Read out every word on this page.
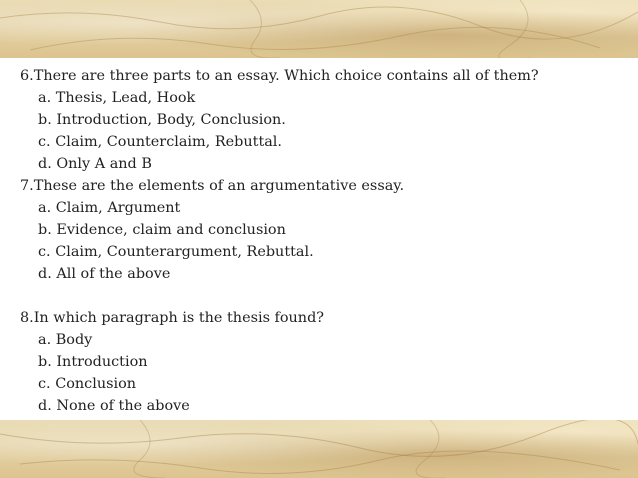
6.There are three parts to an essay. Which choice contains all of them?
a. Thesis, Lead, Hook
b. Introduction, Body, Conclusion.
c. Claim, Counterclaim, Rebuttal.
d. Only A and B
7.These are the elements of an argumentative essay.
a. Claim, Argument
b. Evidence, claim and conclusion
c. Claim, Counterargument, Rebuttal.
d. All of the above
8.In which paragraph is the thesis found?
a. Body
b. Introduction
c. Conclusion
d. None of the above
